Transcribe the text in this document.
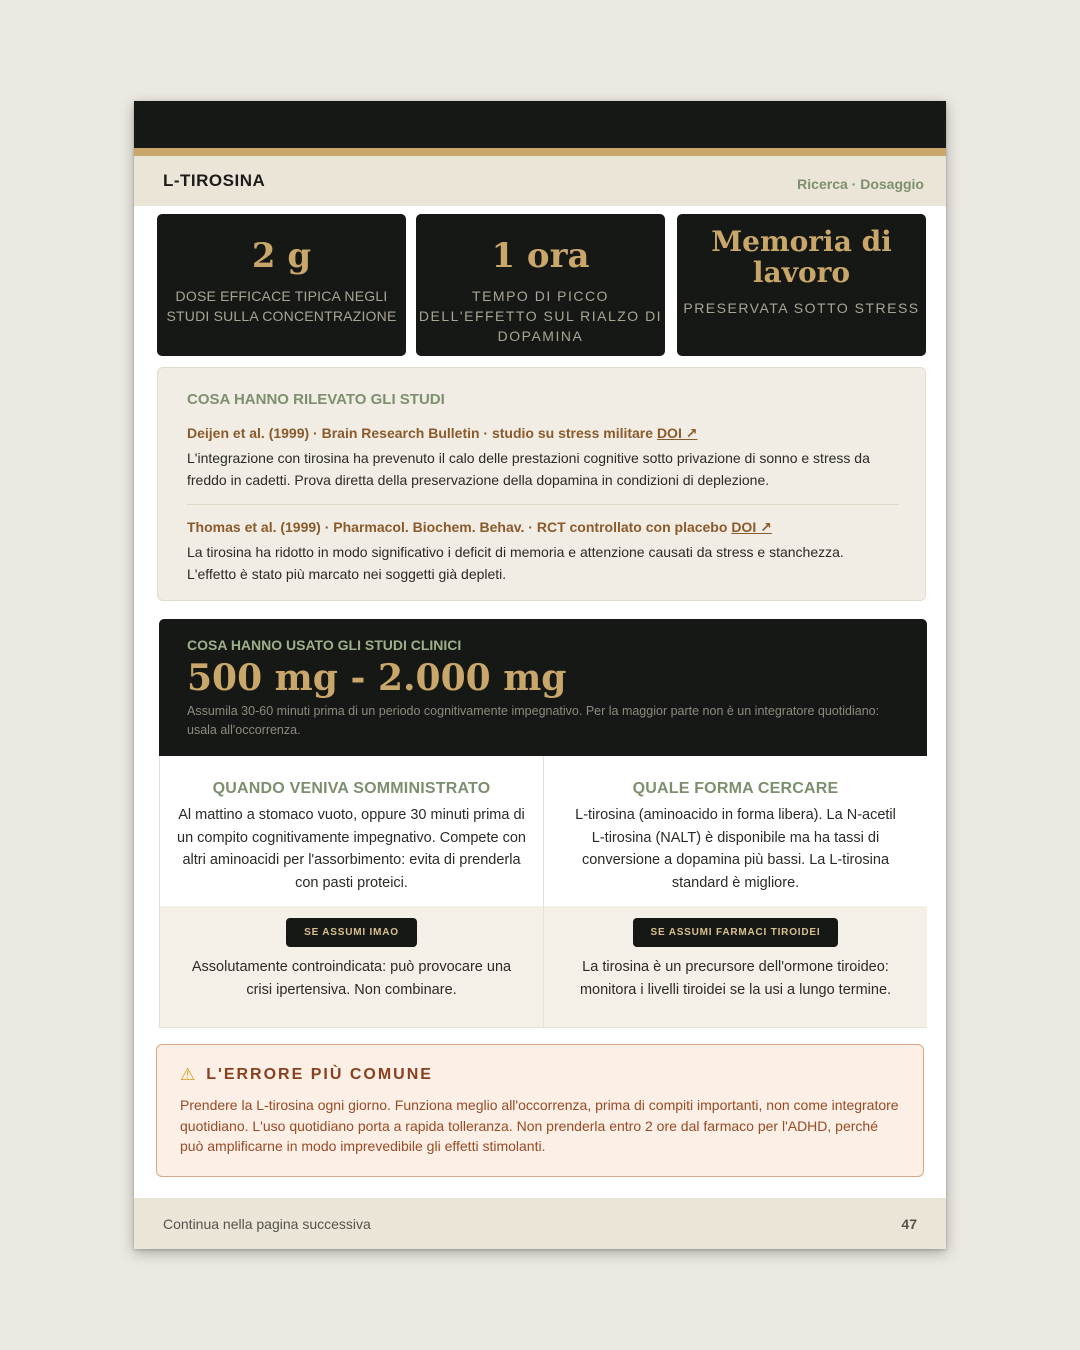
L-TIROSINA	Ricerca · Dosaggio
2 g
DOSE EFFICACE TIPICA NEGLI STUDI SULLA CONCENTRAZIONE
1 ora
TEMPO DI PICCO DELL'EFFETTO SUL RIALZO DI DOPAMINA
Memoria di lavoro
PRESERVATA SOTTO STRESS
COSA HANNO RILEVATO GLI STUDI
Deijen et al. (1999) · Brain Research Bulletin · studio su stress militare DOI ↗
L'integrazione con tirosina ha prevenuto il calo delle prestazioni cognitive sotto privazione di sonno e stress da freddo in cadetti. Prova diretta della preservazione della dopamina in condizioni di deplezione.
Thomas et al. (1999) · Pharmacol. Biochem. Behav. · RCT controllato con placebo DOI ↗
La tirosina ha ridotto in modo significativo i deficit di memoria e attenzione causati da stress e stanchezza. L'effetto è stato più marcato nei soggetti già depleti.
COSA HANNO USATO GLI STUDI CLINICI
500 mg - 2.000 mg
Assumila 30-60 minuti prima di un periodo cognitivamente impegnativo. Per la maggior parte non è un integratore quotidiano: usala all'occorrenza.
QUANDO VENIVA SOMMINISTRATO

Al mattino a stomaco vuoto, oppure 30 minuti prima di un compito cognitivamente impegnativo. Compete con altri aminoacidi per l'assorbimento: evita di prenderla con pasti proteici.

QUALE FORMA CERCARE

L-tirosina (aminoacido in forma libera). La N-acetil L-tirosina (NALT) è disponibile ma ha tassi di conversione a dopamina più bassi. La L-tirosina standard è migliore.

SE ASSUMI IMAO

Assolutamente controindicata: può provocare una crisi ipertensiva. Non combinare.

SE ASSUMI FARMACI TIROIDEI

La tirosina è un precursore dell'ormone tiroideo: monitora i livelli tiroidei se la usi a lungo termine.

⚠ L'ERRORE PIÙ COMUNE
Prendere la L-tirosina ogni giorno. Funziona meglio all'occorrenza, prima di compiti importanti, non come integratore quotidiano. L'uso quotidiano porta a rapida tolleranza. Non prenderla entro 2 ore dal farmaco per l'ADHD, perché può amplificarne in modo imprevedibile gli effetti stimolanti.
Continua nella pagina successiva	47
